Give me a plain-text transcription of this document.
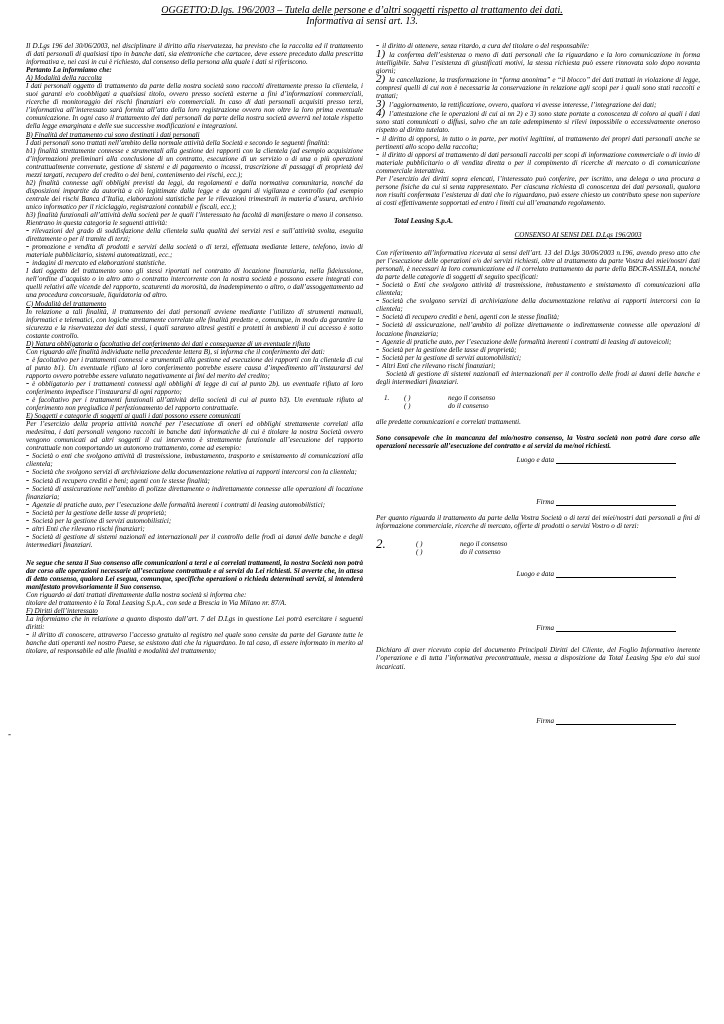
OGGETTO:D.lgs. 196/2003 – Tutela delle persone e d’altri soggetti rispetto al trattamento dei dati.
Informativa ai sensi art. 13.
-

Il D.Lgs 196 del 30/06/2003, nel disciplinare il diritto alla riservatezza, ha previsto che la raccolta ed il trattamento di dati personali di qualsiasi tipo in banche dati, sia elettroniche che cartacee, deve essere preceduto dalla prescritta informativa e, nei casi in cui è richiesto, dal consenso della persona alla quale i dati si riferiscono.

Pertanto La informiamo che:

A) Modalità della raccolta

I dati personali oggetto di trattamento da parte della nostra società sono raccolti direttamente presso la clientela, i suoi garanti e/o coobbligati a qualsiasi titolo, ovvero presso società esterne a fini d’informazioni commerciali, ricerche di monitoraggio dei rischi finanziari e/o commerciali. In caso di dati personali acquisiti presso terzi, l’informativa all’interessato sarà fornita all’atto della loro registrazione ovvero non oltre la loro prima eventuale comunicazione. In ogni caso il trattamento dei dati personali da parte della nostra società avverrà nel totale rispetto della legge emarginata e delle sue successive modificazioni e integrazioni.

B) Finalità del trattamento cui sono destinati i dati personali

I dati personali sono trattati nell’ambito della normale attività della Società e secondo le seguenti finalità:

b1) finalità strettamente connesse e strumentali alla gestione dei rapporti con la clientela (ad esempio acquisizione d’informazioni preliminari alla conclusione di un contratto, esecuzione di un servizio o di una o più operazioni contrattualmente convenute, gestione di sistemi e di pagamento o incassi, trascrizione di passaggi di proprietà dei mezzi targati, recupero del credito o dei beni, contenimento dei rischi, ecc.);

b2) finalità connesse agli obblighi previsti da leggi, da regolamenti e dalla normativa comunitaria, nonché da disposizioni impartite da autorità a ciò legittimate dalla legge e da organi di vigilanza e controllo (ad esempio centrale dei rischi Banca d’Italia, elaborazioni statistiche per le rilevazioni trimestrali in materia d’usura, archivio unico informatico per il riciclaggio, registrazioni contabili e fiscali, ecc.);

b3) finalità funzionali all’attività della società per le quali l’interessato ha facoltà di manifestare o meno il consenso. Rientrano in questa categoria le seguenti attività:

- rilevazioni del grado di soddisfazione della clientela sulla qualità dei servizi resi e sull’attività svolta, eseguita direttamente o per il tramite di terzi;

- promozione e vendita di prodotti e servizi della società o di terzi, effettuata mediante lettere, telefono, invio di materiale pubblicitario, sistemi automatizzati, ecc.;

- indagini di mercato ed elaborazioni statistiche.

I dati oggetto del trattamento sono gli stessi riportati nel contratto di locazione finanziaria, nella fideiussione, nell’ordine d’acquisto o in altro atto o contratto intercorrente con la nostra società e possono essere integrati con quelli relativi alle vicende del rapporto, scaturenti da morosità, da inadempimento o altro, o dall’assoggettamento ad una procedura concorsuale, liquidatoria od altro.

C) Modalità del trattamento

In relazione a tali finalità, il trattamento dei dati personali avviene mediante l’utilizzo di strumenti manuali, informatici e telematici, con logiche strettamente correlate alle finalità predette e, comunque, in modo da garantire la sicurezza e la riservatezza dei dati stessi, i quali saranno altresì gestiti e protetti in ambienti il cui accesso è sotto costante controllo.

D) Natura obbligatoria o facoltativa del conferimento dei dati e conseguenze di un eventuale rifiuto

Con riguardo alle finalità individuate nella precedente lettera B), si informa che il conferimento dei dati:

- è facoltativo per i trattamenti connessi e strumentali alla gestione ed esecuzione dei rapporti con la clientela di cui al punto b1). Un eventuale rifiuto al loro conferimento potrebbe essere causa d’impedimento all’instaurarsi del rapporto ovvero potrebbe essere valutato negativamente ai fini del merito del credito;

- è obbligatorio per i trattamenti connessi agli obblighi di legge di cui al punto 2b). un eventuale rifiuto al loro conferimento impedisce l’instaurarsi di ogni rapporto;

- è facoltativo per i trattamenti funzionali all’attività della società di cui al punto b3). Un eventuale rifiuto al conferimento non pregiudica il perfezionamento del rapporto contrattuale.

E) Soggetti e categorie di soggetti ai quali i dati possono essere comunicati

Per l’esercizio della propria attività nonché per l’esecuzione di oneri ed obblighi strettamente correlati alla medesima, i dati personali vengono raccolti in banche dati informatiche di cui è titolare la nostra Società ovvero vengono comunicati ad altri soggetti il cui intervento è strettamente funzionale all’esecuzione del rapporto contrattuale non comportando un autonomo trattamento, come ad esempio:

- Società o enti che svolgono attività di trasmissione, imbustamento, trasporto e smistamento di comunicazioni alla clientela;

- Società che svolgono servizi di archiviazione della documentazione relativa ai rapporti intercorsi con la clientela;

- Società di recupero crediti e beni; agenti con le stesse finalità;

- Società di assicurazione nell’ambito di polizze direttamente o indirettamente connesse alle operazioni di locazione finanziaria;

- Agenzie di pratiche auto, per l’esecuzione delle formalità inerenti i contratti di leasing automobilistici;

- Società per la gestione delle tasse di proprietà;

- Società per la gestione di servizi automobilistici;

- altri Enti che rilevano rischi finanziari;

- Società di gestione di sistemi nazionali ed internazionali per il controllo delle frodi ai danni delle banche e degli intermediari finanziari.

Ne segue che senza il Suo consenso alle comunicazioni a terzi e ai correlati trattamenti, la nostra Società non potrà dar corso alle operazioni necessarie all’esecuzione contrattuale e ai servizi da Lei richiesti. Si avverte che, in attesa di detto consenso, qualora Lei esegua, comunque, specifiche operazioni o richieda determinati servizi, si intenderà manifestato provvisoriamente il Suo consenso.

Con riguardo ai dati trattati direttamente dalla nostra società si informa che:

titolare del trattamento è la Total Leasing S.p.A., con sede a Brescia in Via Milano nr. 87/A.

F) Diritti dell’interessato

La informiamo che in relazione a quanto disposto dall’art. 7 del D.Lgs in questione Lei potrà esercitare i seguenti diritti:

- il diritto di conoscere, attraverso l’accesso gratuito al registro nel quale sono censite da parte del Garante tutte le banche dati operanti nel nostro Paese, se esistono dati che la riguardano. In tal caso, di essere informato in merito al titolare, al responsabile ed alle finalità e modalità del trattamento;

- il diritto di ottenere, senza ritardo, a cura del titolare o del responsabile:

1) la conferma dell’esistenza o meno di dati personali che la riguardano e la loro comunicazione in forma intelligibile. Salva l’esistenza di giustificati motivi, la stessa richiesta può essere rinnovata solo dopo novanta giorni;

2) la cancellazione, la trasformazione in “forma anonima” e “il blocco” dei dati trattati in violazione di legge, compresi quelli di cui non è necessaria la conservazione in relazione agli scopi per i quali sono stati raccolti e trattati;

3) l’aggiornamento, la rettificazione, ovvero, qualora vi avesse interesse, l’integrazione dei dati;

4) l’attestazione che le operazioni di cui ai nn 2) e 3) sono state portate a conoscenza di coloro ai quali i dati sono stati comunicati o diffusi, salvo che un tale adempimento si rilevi impossibile o eccessivamente oneroso rispetto al diritto tutelato.

- il diritto di opporsi, in tutto o in parte, per motivi legittimi, al trattamento dei propri dati personali anche se pertinenti allo scopo della raccolta;

- il diritto di opporsi al trattamento di dati personali raccolti per scopi di informazione commerciale o di invio di materiale pubblicitario o di vendita diretta o per il compimento di ricerche di mercato o di comunicazione commerciale interattiva.

Per l’esercizio dei diritti sopra elencati, l’interessato può conferire, per iscritto, una delega o una procura a persone fisiche da cui si senta rappresentato. Per ciascuna richiesta di conoscenza dei dati personali, qualora non risulti confermata l’esistenza di dati che lo riguardano, può essere chiesto un contributo spese non superiore ai costi effettivamente sopportati ed entro i limiti cui all’emanando regolamento.

Total Leasing S.p.A.

CONSENSO AI SENSI DEL D.Lgs 196/2003

Con riferimento all’informativa ricevuta ai sensi dell’art. 13 del D.lgs 30/06/2003 n.196, avendo preso atto che per l’esecuzione delle operazioni e/o dei servizi richiesti, oltre al trattamento da parte Vostra dei miei/nostri dati personali, è necessari la loro comunicazione ed il correlato trattamento da parte della BDCR-ASSILEA, nonché da parte delle categorie di soggetti di seguito specificati:

- Società o Enti che svolgono attività di trasmissione, imbustamento e smistamento di comunicazioni alla clientela;

- Società che svolgono servizi di archiviazione della documentazione relativa ai rapporti intercorsi con la clientela;

- Società di recupero crediti e beni, agenti con le stesse finalità;

- Società di assicurazione, nell’ambito di polizze direttamente o indirettamente connesse alle operazioni di locazione finanziaria;

- Agenzie di pratiche auto, per l’esecuzione delle formalità inerenti i contratti di leasing di autoveicoli;

- Società per la gestione delle tasse di proprietà;

- Società per la gestione di servizi automobilistici;

- Altri Enti che rilevano rischi finanziari;

Società di gestione di sistemi nazionali ed internazionali per il controllo delle frodi ai danni delle banche e degli intermediari finanziari.

1.	( )	nego il consenso
( )	do il consenso

alle predette comunicazioni e correlati trattamenti.

Sono consapevole che in mancanza del mio/nostro consenso, la Vostra società non potrà dare corso alle operazioni necessarie all’esecuzione del contratto e ai servizi da me/noi richiesti.

Luogo e data

Firma

Per quanto riguarda il trattamento da parte della Vostra Società o di terzi dei miei/nostri dati personali a fini di informazione commerciale, ricerche di mercato, offerte di prodotti o servizi Vostro o di terzi:

2.	( )	nego il consenso
( )	do il consenso

Luogo e data

Firma

Dichiaro di aver ricevuto copia del documento Principali Diritti del Cliente, del Foglio Informativo inerente l’operazione e di tutta l’informativa precontrattuale, messa a disposizione da Total Leasing Spa e/o dai suoi incaricati.

Firma
